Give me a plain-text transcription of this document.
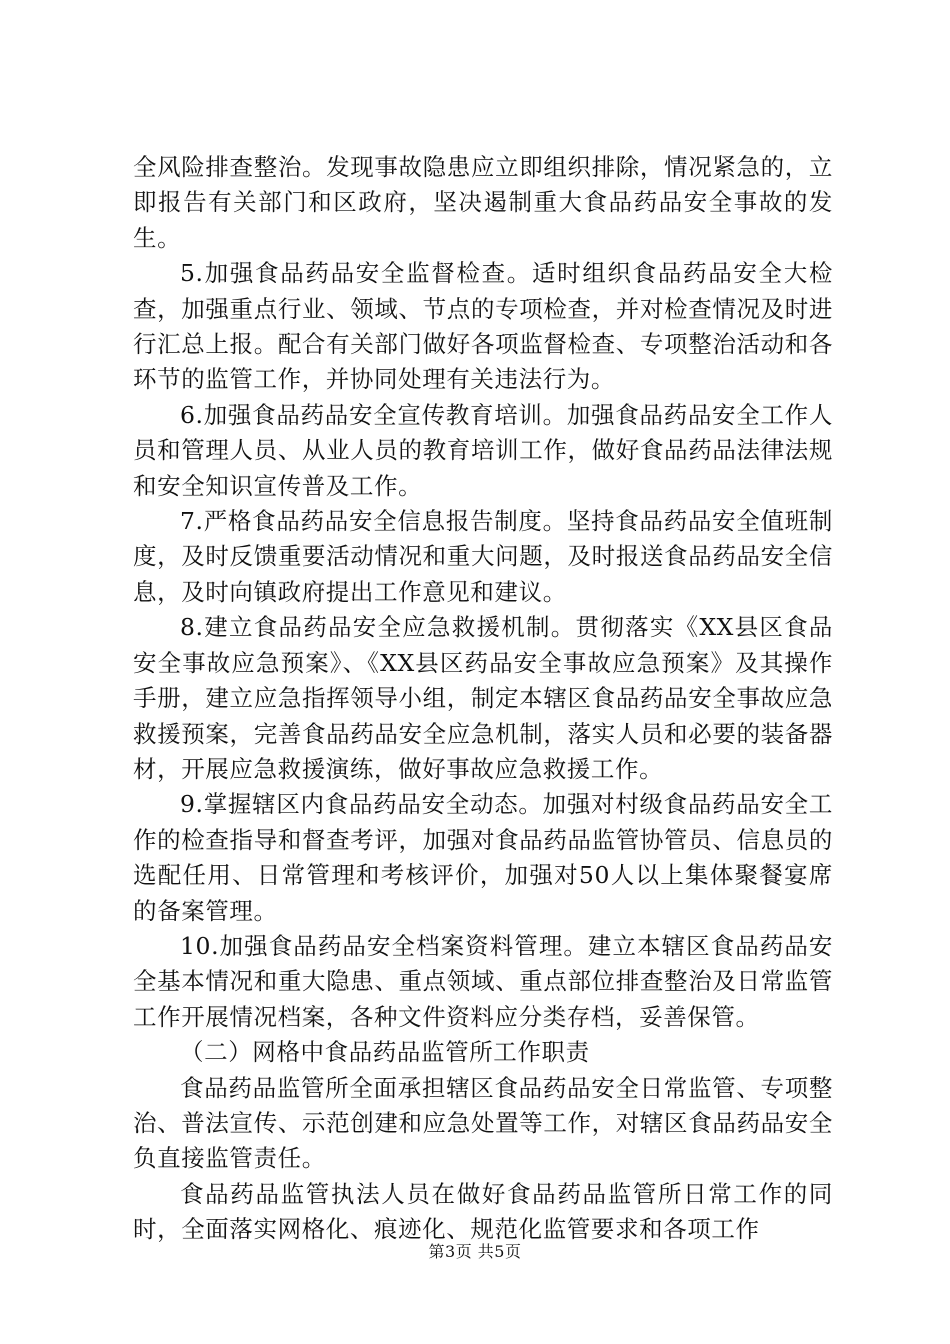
全风险排查整治。发现事故隐患应立即组织排除，情况紧急的，立即报告有关部门和区政府，坚决遏制重大食品药品安全事故的发生。

5.加强食品药品安全监督检查。适时组织食品药品安全大检查，加强重点行业、领域、节点的专项检查，并对检查情况及时进行汇总上报。配合有关部门做好各项监督检查、专项整治活动和各环节的监管工作，并协同处理有关违法行为。

6.加强食品药品安全宣传教育培训。加强食品药品安全工作人员和管理人员、从业人员的教育培训工作，做好食品药品法律法规和安全知识宣传普及工作。

7.严格食品药品安全信息报告制度。坚持食品药品安全值班制度，及时反馈重要活动情况和重大问题，及时报送食品药品安全信息，及时向镇政府提出工作意见和建议。

8.建立食品药品安全应急救援机制。贯彻落实《XX县区食品安全事故应急预案》、《XX县区药品安全事故应急预案》及其操作手册，建立应急指挥领导小组，制定本辖区食品药品安全事故应急救援预案，完善食品药品安全应急机制，落实人员和必要的装备器材，开展应急救援演练，做好事故应急救援工作。

9.掌握辖区内食品药品安全动态。加强对村级食品药品安全工作的检查指导和督查考评，加强对食品药品监管协管员、信息员的选配任用、日常管理和考核评价，加强对50人以上集体聚餐宴席的备案管理。

10.加强食品药品安全档案资料管理。建立本辖区食品药品安全基本情况和重大隐患、重点领域、重点部位排查整治及日常监管工作开展情况档案，各种文件资料应分类存档，妥善保管。

（二）网格中食品药品监管所工作职责

食品药品监管所全面承担辖区食品药品安全日常监管、专项整治、普法宣传、示范创建和应急处置等工作，对辖区食品药品安全负直接监管责任。

食品药品监管执法人员在做好食品药品监管所日常工作的同时，全面落实网格化、痕迹化、规范化监管要求和各项工作

第3页 共5页
